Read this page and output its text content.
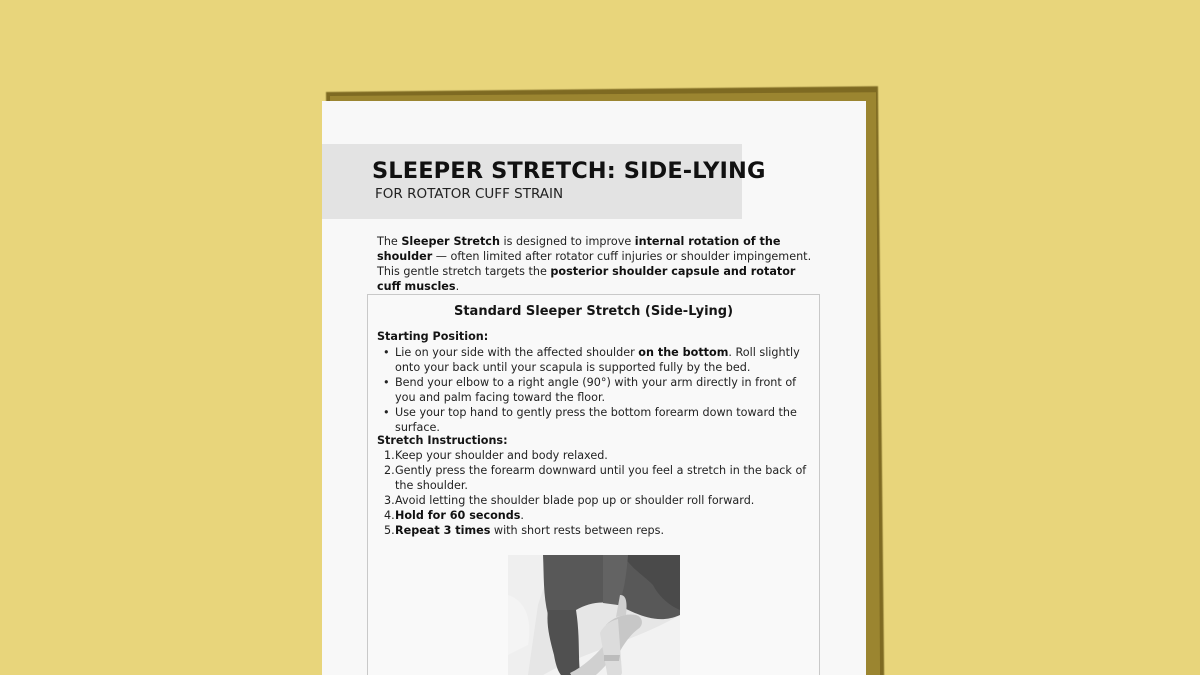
SLEEPER STRETCH: SIDE-LYING
FOR ROTATOR CUFF STRAIN

The Sleeper Stretch is designed to improve internal rotation of the shoulder — often limited after rotator cuff injuries or shoulder impingement. This gentle stretch targets the posterior shoulder capsule and rotator cuff muscles.

Standard Sleeper Stretch (Side-Lying)
Starting Position:
• Lie on your side with the affected shoulder on the bottom. Roll slightly onto your back until your scapula is supported fully by the bed.
• Bend your elbow to a right angle (90°) with your arm directly in front of you and palm facing toward the floor.
• Use your top hand to gently press the bottom forearm down toward the surface.
Stretch Instructions:
1. Keep your shoulder and body relaxed.
2. Gently press the forearm downward until you feel a stretch in the back of the shoulder.
3. Avoid letting the shoulder blade pop up or shoulder roll forward.
4. Hold for 60 seconds.
5. Repeat 3 times with short rests between reps.
